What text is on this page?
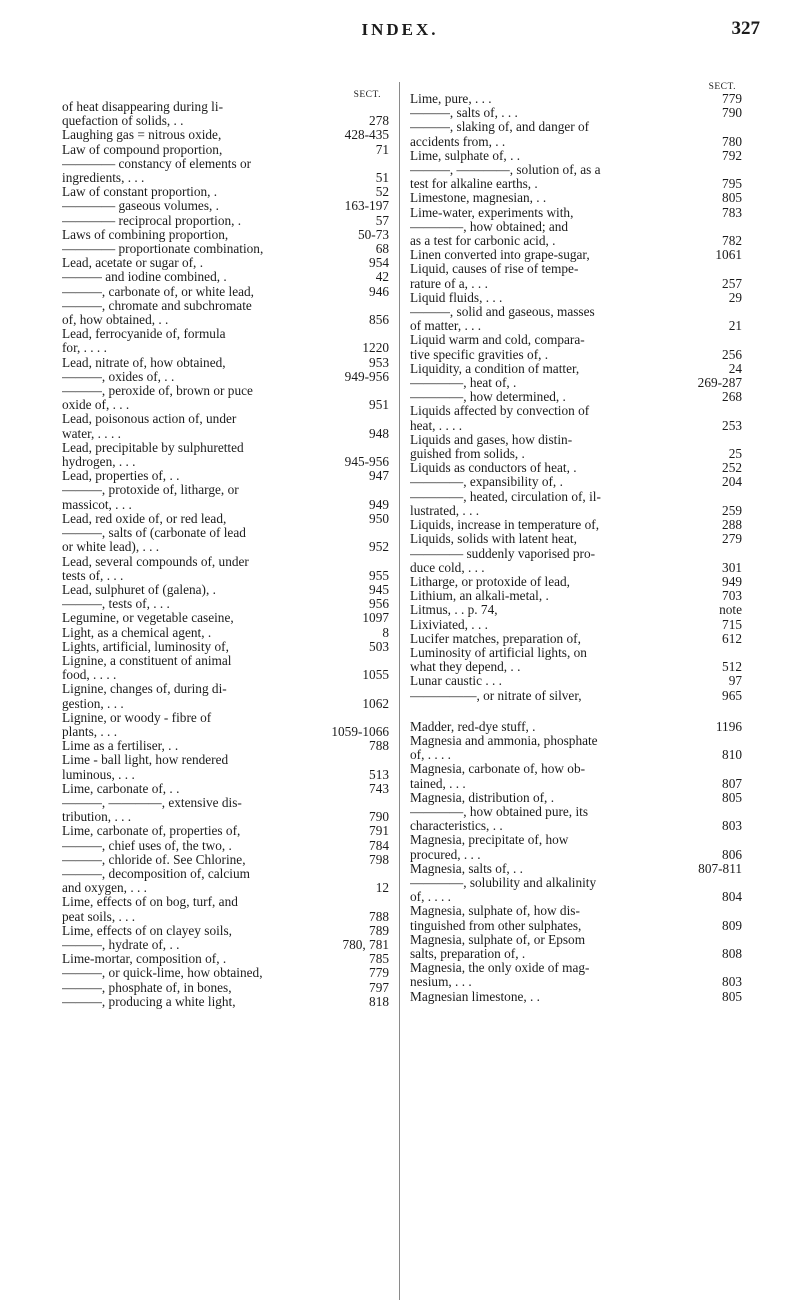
INDEX.	327
SECT.
of heat disappearing during li-
quefaction of solids, . .	278
Laughing gas = nitrous oxide,	428-435
Law of compound proportion,	71
———— constancy of elements or
ingredients, . . .	51
Law of constant proportion, .	52
———— gaseous volumes, .	163-197
———— reciprocal proportion, .	57
Laws of combining proportion,	50-73
———— proportionate combination,	68
Lead, acetate or sugar of, .	954
——— and iodine combined, .	42
———, carbonate of, or white lead,	946
———, chromate and subchromate
of, how obtained, . .	856
Lead, ferrocyanide of, formula
for, . . . .	1220
Lead, nitrate of, how obtained,	953
———, oxides of, . .	949-956
———, peroxide of, brown or puce
oxide of, . . .	951
Lead, poisonous action of, under
water, . . . .	948
Lead, precipitable by sulphuretted
hydrogen, . . .	945-956
Lead, properties of, . .	947
———, protoxide of, litharge, or
massicot, . . .	949
Lead, red oxide of, or red lead,	950
———, salts of (carbonate of lead
or white lead), . . .	952
Lead, several compounds of, under
tests of, . . .	955
Lead, sulphuret of (galena), .	945
———, tests of, . . .	956
Legumine, or vegetable caseine,	1097
Light, as a chemical agent, .	8
Lights, artificial, luminosity of,	503
Lignine, a constituent of animal
food, . . . .	1055
Lignine, changes of, during di-
gestion, . . .	1062
Lignine, or woody - fibre of
plants, . . .	1059-1066
Lime as a fertiliser, . .	788
Lime - ball light, how rendered
luminous, . . .	513
Lime, carbonate of, . .	743
———, ————, extensive dis-
tribution, . . .	790
Lime, carbonate of, properties of,	791
———, chief uses of, the two, .	784
———, chloride of. See Chlorine,	798
———, decomposition of, calcium
and oxygen, . . .	12
Lime, effects of on bog, turf, and
peat soils, . . .	788
Lime, effects of on clayey soils,	789
———, hydrate of, . .	780, 781
Lime-mortar, composition of, .	785
———, or quick-lime, how obtained,	779
———, phosphate of, in bones,	797
———, producing a white light,	818
SECT.
Lime, pure, . . .	779
———, salts of, . . .	790
———, slaking of, and danger of
accidents from, . .	780
Lime, sulphate of, . .	792
———, ————, solution of, as a
test for alkaline earths, .	795
Limestone, magnesian, . .	805
Lime-water, experiments with,	783
————, how obtained; and
as a test for carbonic acid, .	782
Linen converted into grape-sugar,	1061
Liquid, causes of rise of tempe-
rature of a, . . .	257
Liquid fluids, . . .	29
———, solid and gaseous, masses
of matter, . . .	21
Liquid warm and cold, compara-
tive specific gravities of, .	256
Liquidity, a condition of matter,	24
————, heat of, .	269-287
————, how determined, .	268
Liquids affected by convection of
heat, . . . .	253
Liquids and gases, how distin-
guished from solids, .	25
Liquids as conductors of heat, .	252
————, expansibility of, .	204
————, heated, circulation of, il-
lustrated, . . .	259
Liquids, increase in temperature of,	288
Liquids, solids with latent heat,	279
———— suddenly vaporised pro-
duce cold, . . .	301
Litharge, or protoxide of lead,	949
Lithium, an alkali-metal, .	703
Litmus, . . p. 74,	note
Lixiviated, . . .	715
Lucifer matches, preparation of,	612
Luminosity of artificial lights, on
what they depend, . .	512
Lunar caustic . . .	97
—————, or nitrate of silver,	965
Madder, red-dye stuff, .	1196
Magnesia and ammonia, phosphate
of, . . . .	810
Magnesia, carbonate of, how ob-
tained, . . .	807
Magnesia, distribution of, .	805
————, how obtained pure, its
characteristics, . .	803
Magnesia, precipitate of, how
procured, . . .	806
Magnesia, salts of, . .	807-811
————, solubility and alkalinity
of, . . . .	804
Magnesia, sulphate of, how dis-
tinguished from other sulphates,	809
Magnesia, sulphate of, or Epsom
salts, preparation of, .	808
Magnesia, the only oxide of mag-
nesium, . . .	803
Magnesian limestone, . .	805
